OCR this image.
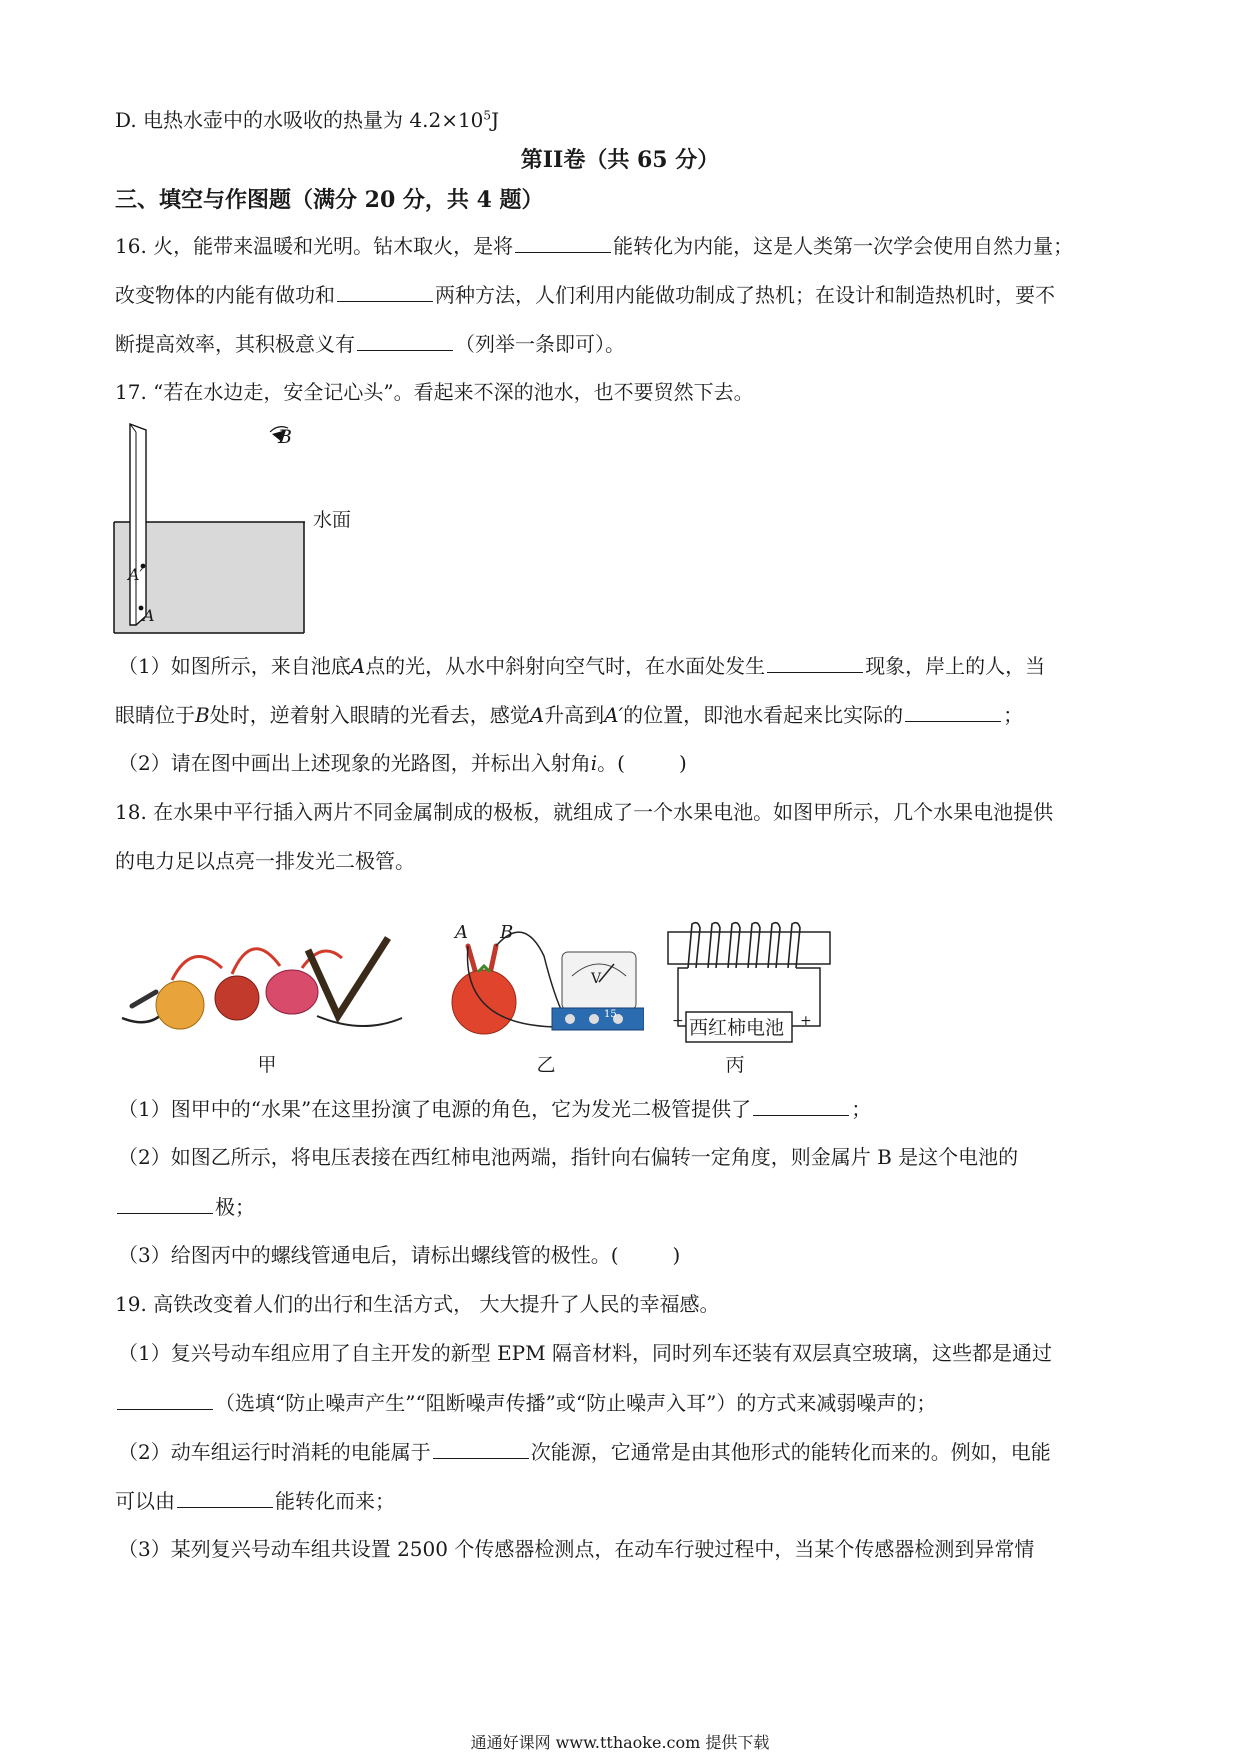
D. 电热水壶中的水吸收的热量为 $4.2\times 10^5J$
第II卷（共 65 分）
三、填空与作图题（满分 20 分，共 4 题）
16. 火，能带来温暖和光明。钻木取火，是将	能转化为内能，这是人类第一次学会使用自然力量；
改变物体的内能有做功和	两种方法，人们利用内能做功制成了热机；在设计和制造热机时，要不
断提高效率，其积极意义有	（列举一条即可）。
17. “若在水边走，安全记心头”。看起来不深的池水，也不要贸然下去。
B
水面
A′
A
（1）如图所示，来自池底A点的光，从水中斜射向空气时，在水面处发生	现象，岸上的人，当
眼睛位于B处时，逆着射入眼睛的光看去，感觉A升高到A′的位置，即池水看起来比实际的	；
（2）请在图中画出上述现象的光路图，并标出入射角i。(	)
18. 在水果中平行插入两片不同金属制成的极板，就组成了一个水果电池。如图甲所示，几个水果电池提供
的电力足以点亮一排发光二极管。
甲
A B
V
15
乙
西红柿电池
−	+
丙
（1）图甲中的“水果”在这里扮演了电源的角色，它为发光二极管提供了	；
（2）如图乙所示，将电压表接在西红柿电池两端，指针向右偏转一定角度，则金属片 B 是这个电池的
极；
（3）给图丙中的螺线管通电后，请标出螺线管的极性。(	)
19. 高铁改变着人们的出行和生活方式， 大大提升了人民的幸福感。
（1）复兴号动车组应用了自主开发的新型 EPM 隔音材料，同时列车还装有双层真空玻璃，这些都是通过
（选填“防止噪声产生”“阻断噪声传播”或“防止噪声入耳”）的方式来减弱噪声的；
（2）动车组运行时消耗的电能属于	次能源，它通常是由其他形式的能转化而来的。例如，电能
可以由	能转化而来；
（3）某列复兴号动车组共设置 2500 个传感器检测点，在动车行驶过程中，当某个传感器检测到异常情
通通好课网 www.tthaoke.com 提供下载
